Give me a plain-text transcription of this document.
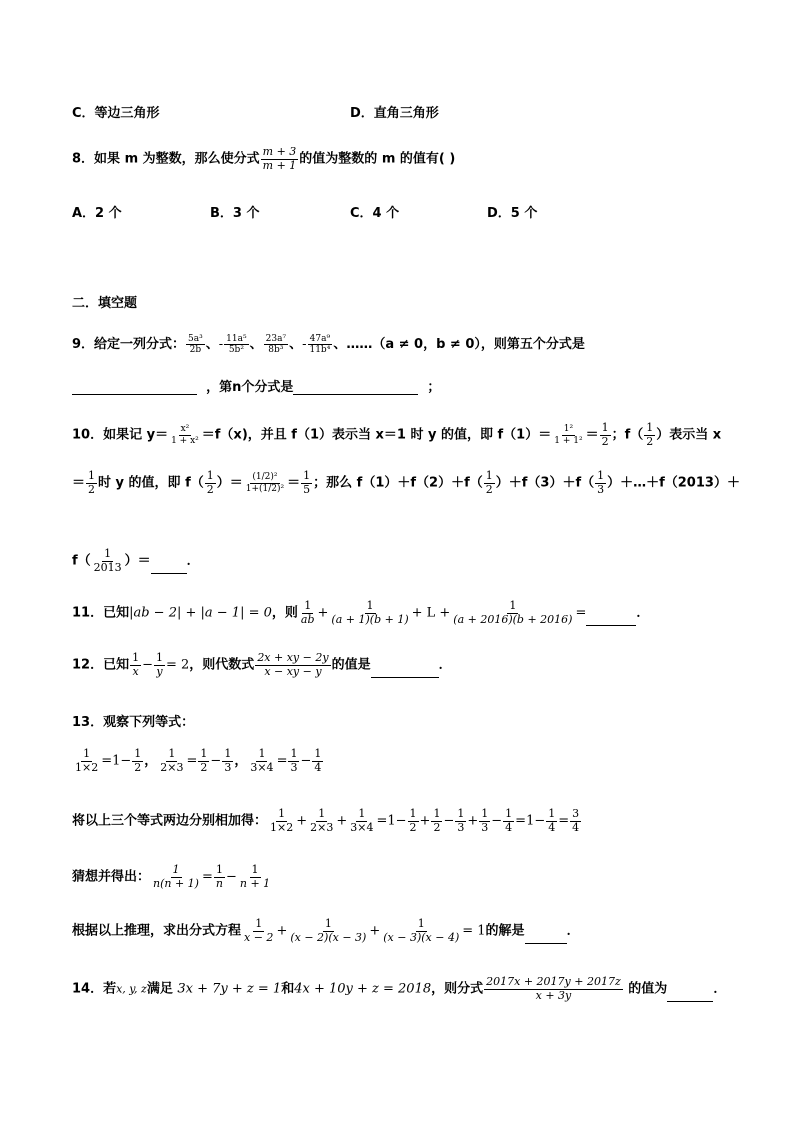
C．等边三角形	D．直角三角形
8．如果 m 为整数，那么使分式 $\frac{m + 3}{m + 1}$ 的值为整数的 m 的值有( )
A．2 个	B．3 个	C．4 个	D．5 个
二．填空题
9．给定一列分式： $\frac{\text{5a³}}{2b}$ 、- $\frac{\text{11a⁵}}{\text{5b²}}$ 、 $\frac{\text{23a⁷}}{\text{8b³}}$ 、- $\frac{\text{47a⁹}}{\text{11b⁴}}$ 、……（a ≠ 0，b ≠ 0），则第五个分式是
，第n个分式是	；
10．如果记 $y= \frac{\text{x²}}{\text{1 + x²}} =f(x)$，并且 f（1）表示当 x＝1 时 y 的值，即 $f(1)= \frac{\text{1²}}{\text{1 + 1²}} = \frac{1}{2}$ ；$f( \frac{1}{2}$ ）表示当 x
＝ $\frac{1}{2}$ 时 y 的值，即 $f( \frac{1}{2}$ ）＝ $\frac{\text{(1/2)²}}{\text{1+(1/2)²}} = \frac{1}{5}$ ；那么 $f(1)+f(2)+f( \frac{1}{2} )+f(3)+f( \frac{1}{3}$ ）＋…＋f（2013）＋
$f( \frac{1}{2013}$ ）＝	．
11．已知|ab − 2| + |a − 1| = 0，则 $\frac{1}{ab} + \frac{1}{(a + 1)(b + 1)} + L + \frac{1}{(a + 2016)(b + 2016)}$ =	．
12．已知 $\frac{1}{x} - \frac{1}{y} = 2$，则代数式 $\frac{2x + xy - 2y}{x - xy - y}$ 的值是	．
13．观察下列等式：
$\frac{1}{1\times 2} =1- \frac{1}{2}$ ， $\frac{1}{2\times 3} = \frac{1}{2} - \frac{1}{3}$ ， $\frac{1}{3\times 4} = \frac{1}{3} - \frac{1}{4}$
将以上三个等式两边分别相加得： $\frac{1}{1\times 2} + \frac{1}{2\times 3} + \frac{1}{3\times 4} =1- \frac{1}{2} + \frac{1}{2} - \frac{1}{3} + \frac{1}{3} - \frac{1}{4} =1- \frac{1}{4} = \frac{3}{4}$
猜想并得出： $\frac{1}{n(n + 1)} = \frac{1}{n} - \frac{1}{n + 1}$
根据以上推理，求出分式方程 $\frac{1}{x - 2} + \frac{1}{(x - 2)(x - 3)} + \frac{1}{(x - 3)(x - 4)} = 1$的解是	．
14．若x, y, z满足 3x + 7y + z = 1和4x + 10y + z = 2018，则分式 $\frac{2017x + 2017y + 2017z}{x + 3y}$ 的值为	．
